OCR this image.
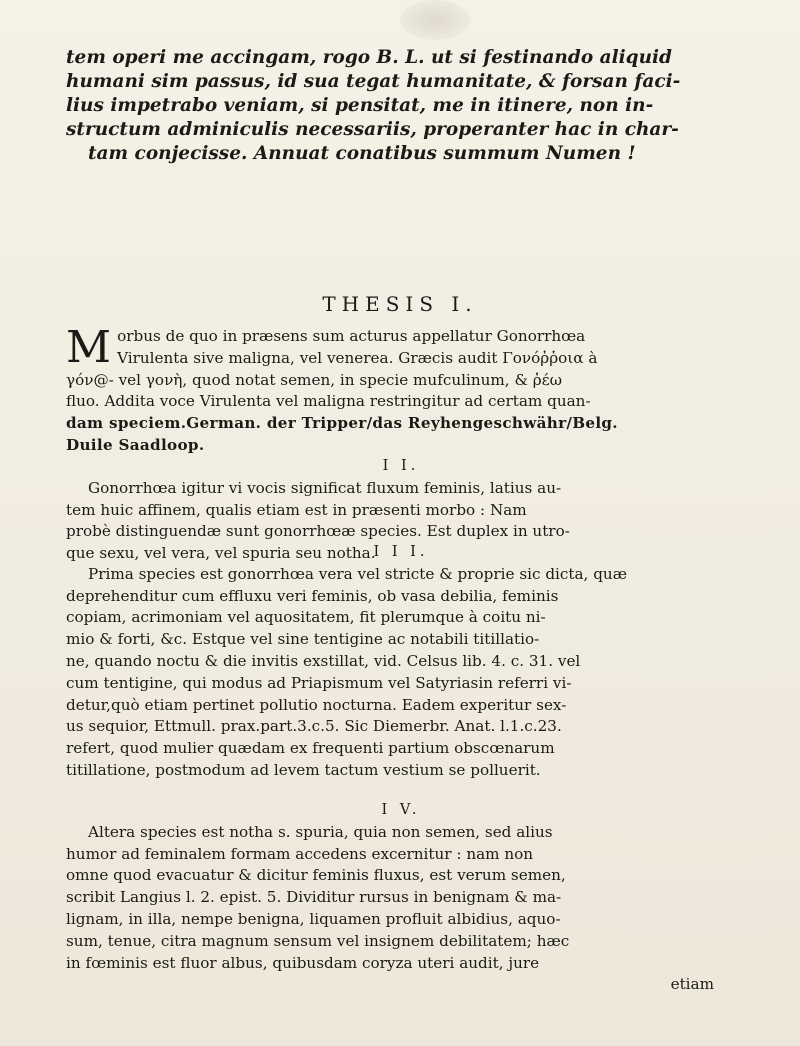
tem operi me accingam, rogo B. L. ut si festinando aliquid
humani sim passus, id sua tegat humanitate, & forsan faci-
lius impetrabo veniam, si pensitat, me in itinere, non in-
structum adminiculis necessariis, properanter hac in char-
tam conjecisse. Annuat conatibus summum Numen !
THESIS I.
M orbus de quo in præsens sum acturus appellatur Gonorrhœa
Virulenta sive maligna, vel venerea. Græcis audit Γονόῤῥοια à
γόν@- vel γονὴ, quod notat semen, in specie mufculinum, & ῥέω
fluo. Addita voce Virulenta vel maligna restringitur ad certam quan-
dam speciem.German. der Tripper/das Reyhengeschwähr/Belg.
Duile Saadloop.

I I.

Gonorrhœa igitur vi vocis significat fluxum feminis, latius au-

tem huic affinem, qualis etiam est in præsenti morbo : Nam

probè distinguendæ sunt gonorrhœæ species. Est duplex in utro-

que sexu, vel vera, vel spuria seu notha.

I I I.

Prima species est gonorrhœa vera vel stricte & proprie sic dicta, quæ

deprehenditur cum effluxu veri feminis, ob vasa debilia, feminis

copiam, acrimoniam vel aquositatem, fit plerumque à coitu ni-

mio & forti, &c. Estque vel sine tentigine ac notabili titillatio-

ne, quando noctu & die invitis exstillat, vid. Celsus lib. 4. c. 31. vel

cum tentigine, qui modus ad Priapismum vel Satyriasin referri vi-

detur,quò etiam pertinet pollutio nocturna. Eadem experitur sex-

us sequior, Ettmull. prax.part.3.c.5. Sic Diemerbr. Anat. l.1.c.23.

refert, quod mulier quædam ex frequenti partium obscœnarum

titillatione, postmodum ad levem tactum vestium se polluerit.

I V.

Altera species est notha s. spuria, quia non semen, sed alius

humor ad feminalem formam accedens excernitur : nam non

omne quod evacuatur & dicitur feminis fluxus, est verum semen,

scribit Langius l. 2. epist. 5. Dividitur rursus in benignam & ma-

lignam, in illa, nempe benigna, liquamen profluit albidius, aquo-

sum, tenue, citra magnum sensum vel insignem debilitatem; hæc

in fœminis est fluor albus, quibusdam coryza uteri audit, jure

etiam
